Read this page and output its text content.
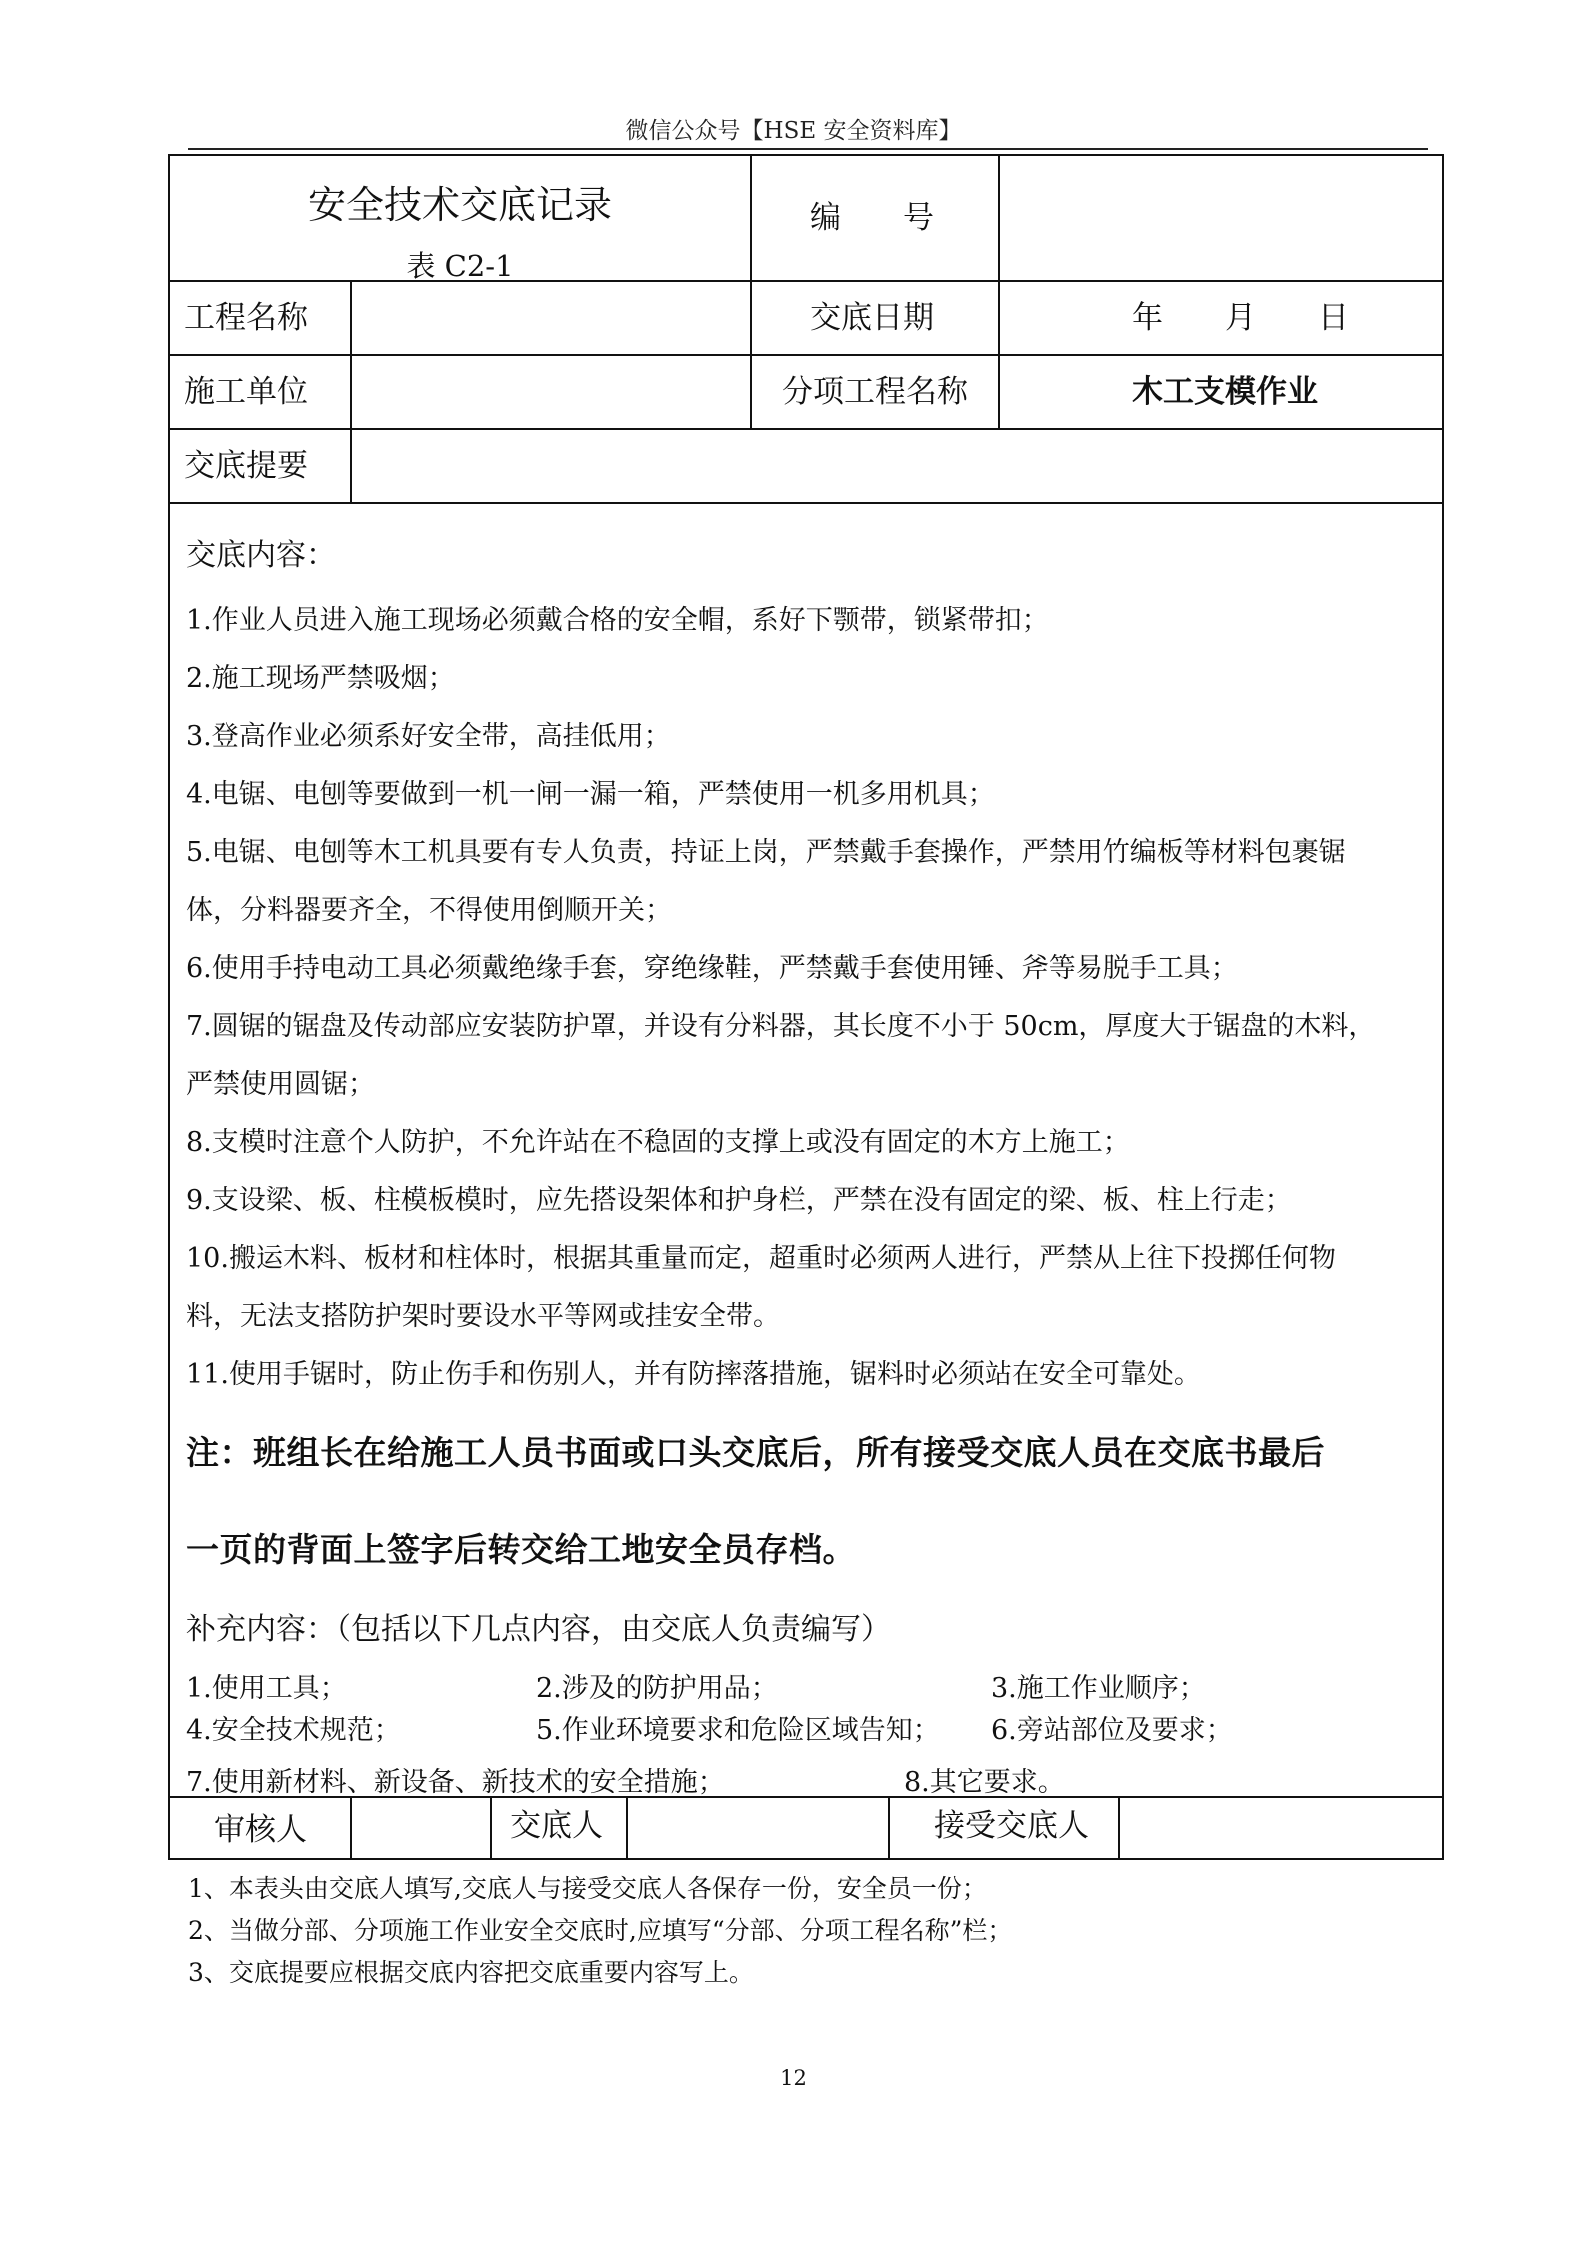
微信公众号【HSE 安全资料库】
安全技术交底记录
表 C2-1
编　　号
工程名称	交底日期	年　　月　　日
施工单位	分项工程名称	木工支模作业
交底提要

交底内容：

1.作业人员进入施工现场必须戴合格的安全帽，系好下颚带，锁紧带扣；

2.施工现场严禁吸烟；

3.登高作业必须系好安全带，高挂低用；

4.电锯、电刨等要做到一机一闸一漏一箱，严禁使用一机多用机具；

5.电锯、电刨等木工机具要有专人负责，持证上岗，严禁戴手套操作，严禁用竹编板等材料包裹锯

体，分料器要齐全，不得使用倒顺开关；

6.使用手持电动工具必须戴绝缘手套，穿绝缘鞋，严禁戴手套使用锤、斧等易脱手工具；

7.圆锯的锯盘及传动部应安装防护罩，并设有分料器，其长度不小于 50cm，厚度大于锯盘的木料，

严禁使用圆锯；

8.支模时注意个人防护，不允许站在不稳固的支撑上或没有固定的木方上施工；

9.支设梁、板、柱模板模时，应先搭设架体和护身栏，严禁在没有固定的梁、板、柱上行走；

10.搬运木料、板材和柱体时，根据其重量而定，超重时必须两人进行，严禁从上往下投掷任何物

料，无法支搭防护架时要设水平等网或挂安全带。

11.使用手锯时，防止伤手和伤别人，并有防摔落措施，锯料时必须站在安全可靠处。

注：班组长在给施工人员书面或口头交底后，所有接受交底人员在交底书最后

一页的背面上签字后转交给工地安全员存档。

补充内容：（包括以下几点内容，由交底人负责编写）

1.使用工具；	2.涉及的防护用品；	3.施工作业顺序；
4.安全技术规范；	5.作业环境要求和危险区域告知； 6.旁站部位及要求；
7.使用新材料、新设备、新技术的安全措施；	8.其它要求。
审核人	交底人	接受交底人
1、本表头由交底人填写,交底人与接受交底人各保存一份，安全员一份；
2、当做分部、分项施工作业安全交底时,应填写“分部、分项工程名称”栏；
3、交底提要应根据交底内容把交底重要内容写上。
12
